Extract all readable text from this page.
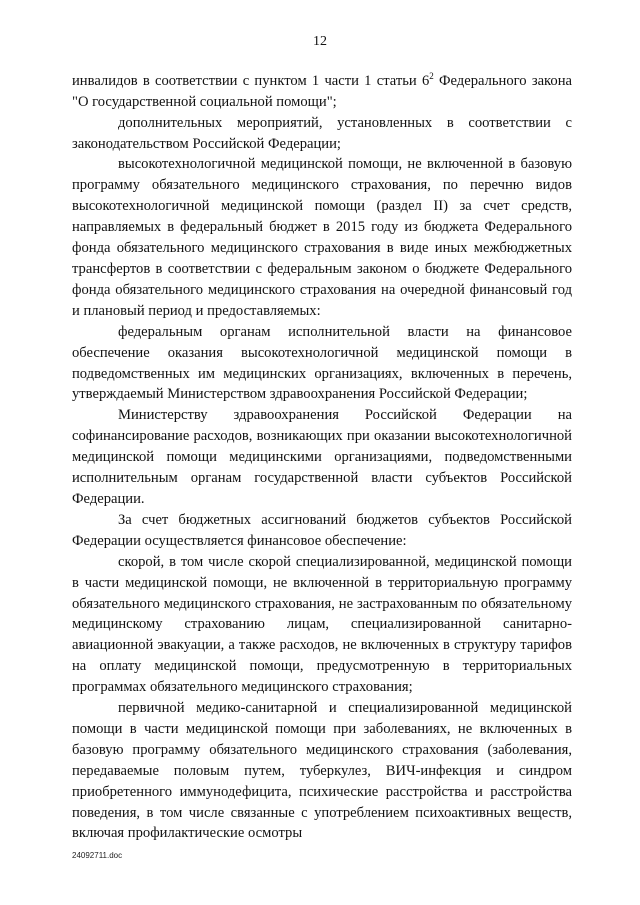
12

инвалидов в соответствии с пунктом 1 части 1 статьи $6^2$ Федерального закона "О государственной социальной помощи";

дополнительных мероприятий, установленных в соответствии с законодательством Российской Федерации;

высокотехнологичной медицинской помощи, не включенной в базовую программу обязательного медицинского страхования, по перечню видов высокотехнологичной медицинской помощи (раздел II) за счет средств, направляемых в федеральный бюджет в 2015 году из бюджета Федерального фонда обязательного медицинского страхования в виде иных межбюджетных трансфертов в соответствии с федеральным законом о бюджете Федерального фонда обязательного медицинского страхования на очередной финансовый год и плановый период и предоставляемых:

федеральным органам исполнительной власти на финансовое обеспечение оказания высокотехнологичной медицинской помощи в подведомственных им медицинских организациях, включенных в перечень, утверждаемый Министерством здравоохранения Российской Федерации;

Министерству здравоохранения Российской Федерации на софинансирование расходов, возникающих при оказании высокотехнологичной медицинской помощи медицинскими организациями, подведомственными исполнительным органам государственной власти субъектов Российской Федерации.

За счет бюджетных ассигнований бюджетов субъектов Российской Федерации осуществляется финансовое обеспечение:

скорой, в том числе скорой специализированной, медицинской помощи в части медицинской помощи, не включенной в территориальную программу обязательного медицинского страхования, не застрахованным по обязательному медицинскому страхованию лицам, специализированной санитарно-авиационной эвакуации, а также расходов, не включенных в структуру тарифов на оплату медицинской помощи, предусмотренную в территориальных программах обязательного медицинского страхования;

первичной медико-санитарной и специализированной медицинской помощи в части медицинской помощи при заболеваниях, не включенных в базовую программу обязательного медицинского страхования (заболевания, передаваемые половым путем, туберкулез, ВИЧ-инфекция и синдром приобретенного иммунодефицита, психические расстройства и расстройства поведения, в том числе связанные с употреблением психоактивных веществ, включая профилактические осмотры

24092711.doc
